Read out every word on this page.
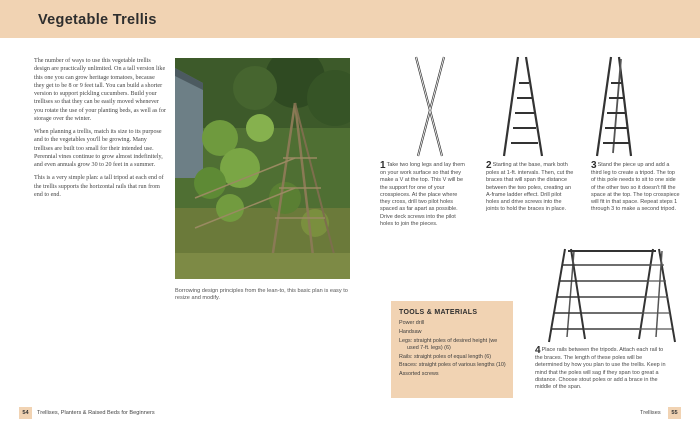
Vegetable Trellis

The number of ways to use this vegetable trellis design are practically unlimited. On a tall version like this one you can grow heritage tomatoes, because they get to be 8 or 9 feet tall. You can build a shorter version to support pickling cucumbers. Build your trellises so that they can be easily moved whenever you rotate the use of your planting beds, as well as for storage over the winter.

When planning a trellis, match its size to its purpose and to the vegetables you'll be growing. Many trellises are built too small for their intended use. Perennial vines continue to grow almost indefinitely, and even annuals grow 30 to 20 feet in a summer.

This is a very simple plan: a tall tripod at each end of the trellis supports the horizontal rails that run from end to end.

Borrowing design principles from the lean-to, this basic plan is easy to resize and modify.
1Take two long legs and lay them on your work surface so that they make a V at the top. This V will be the support for one of your crosspieces. At the place where they cross, drill two pilot holes spaced as far apart as possible. Drive deck screws into the pilot holes to join the pieces.
2Starting at the base, mark both poles at 1-ft. intervals. Then, cut the braces that will span the distance between the two poles, creating an A-frame ladder effect. Drill pilot holes and drive screws into the joints to hold the braces in place.
3Stand the piece up and add a third leg to create a tripod. The top of this pole needs to sit to one side of the other two so it doesn't fill the space at the top. The top crosspiece will fit in that space. Repeat steps 1 through 3 to make a second tripod.
4Place rails between the tripods. Attach each rail to the braces. The length of these poles will be determined by how you plan to use the trellis. Keep in mind that the poles will sag if they span too great a distance. Choose stout poles or add a brace in the middle of the span.
TOOLS & MATERIALS
Power drill
Handsaw
Legs: straight poles of desired height (we used 7-ft. legs) (6)
Rails: straight poles of equal length (6)
Braces: straight poles of various lengths (10)
Assorted screws
54	Trellises, Planters & Raised Beds for Beginners	Trellises	55
